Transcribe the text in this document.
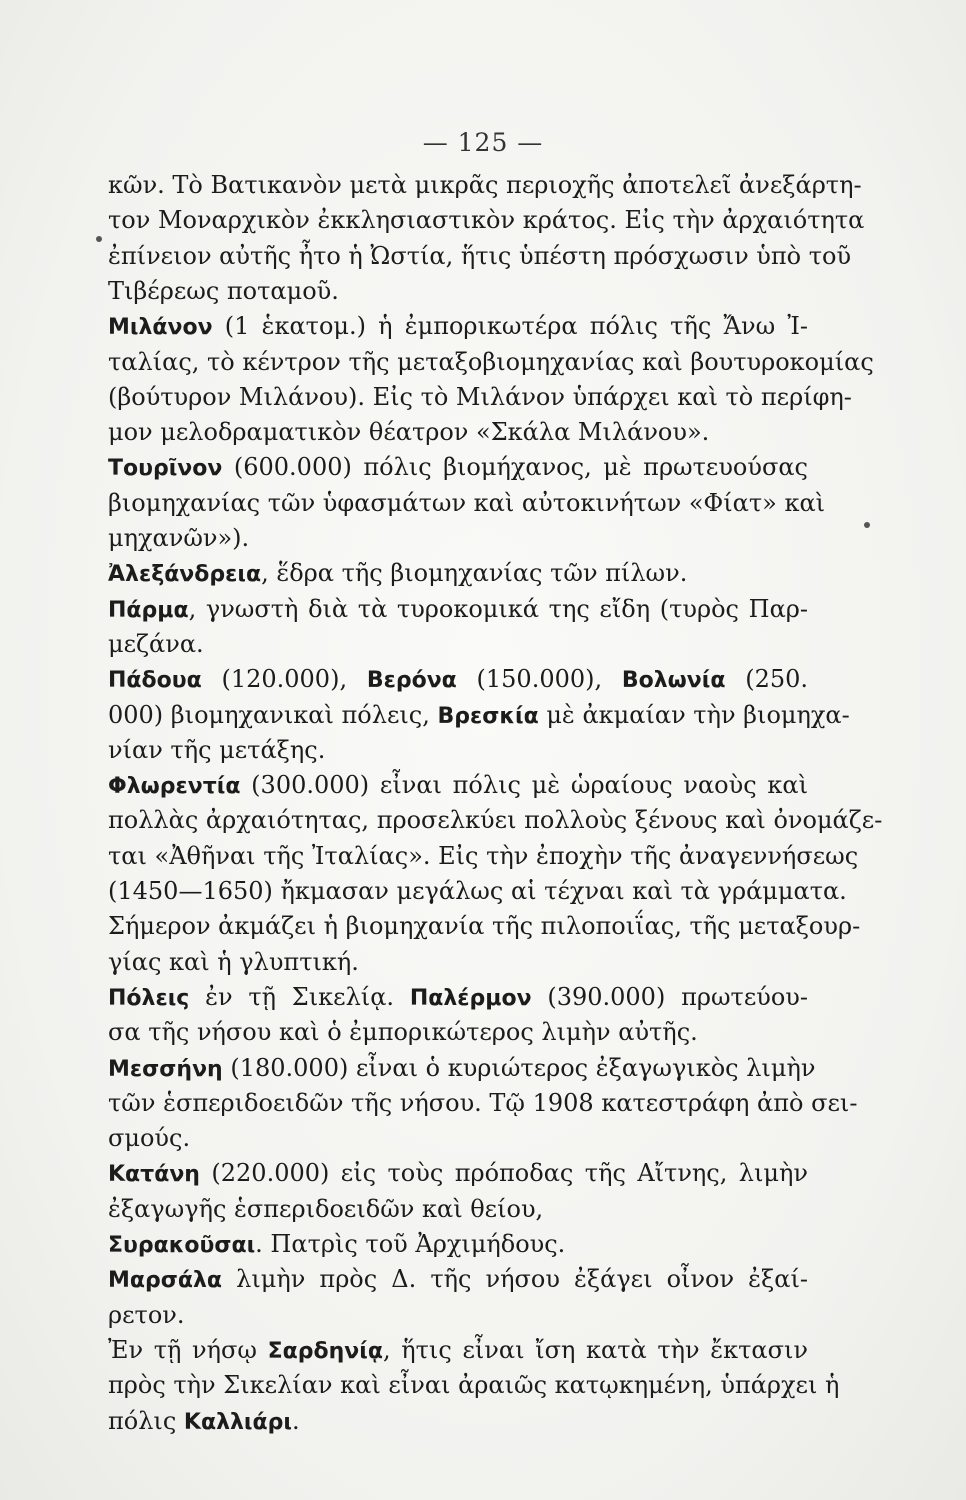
— 125 —
κῶν. Τὸ Βατικανὸν μετὰ μικρᾶς περιοχῆς ἀποτελεῖ ἀνεξάρτη-
τον Μοναρχικὸν ἐκκλησιαστικὸν κράτος. Εἰς τὴν ἀρχαιότητα
ἐπίνειον αὐτῆς ἦτο ἡ Ὠστία, ἥτις ὑπέστη πρόσχωσιν ὑπὸ τοῦ
Τιβέρεως ποταμοῦ.
Μιλάνον (1 ἑκατομ.) ἡ ἐμπορικωτέρα πόλις τῆς Ἄνω Ἰ-
ταλίας, τὸ κέντρον τῆς μεταξοβιομηχανίας καὶ βουτυροκομίας
(βούτυρον Μιλάνου). Εἰς τὸ Μιλάνον ὑπάρχει καὶ τὸ περίφη-
μον μελοδραματικὸν θέατρον «Σκάλα Μιλάνου».
Τουρῖνον (600.000) πόλις βιομήχανος, μὲ πρωτευούσας
βιομηχανίας τῶν ὑφασμάτων καὶ αὐτοκινήτων «Φίατ» καὶ
μηχανῶν»).
Ἀλεξάνδρεια, ἕδρα τῆς βιομηχανίας τῶν πίλων.
Πάρμα, γνωστὴ διὰ τὰ τυροκομικά της εἴδη (τυρὸς Παρ-
μεζάνα.
Πάδουα (120.000), Βερόνα (150.000), Βολωνία (250.
000) βιομηχανικαὶ πόλεις, Βρεσκία μὲ ἀκμαίαν τὴν βιομηχα-
νίαν τῆς μετάξης.
Φλωρεντία (300.000) εἶναι πόλις μὲ ὡραίους ναοὺς καὶ
πολλὰς ἀρχαιότητας, προσελκύει πολλοὺς ξένους καὶ ὀνομάζε-
ται «Ἀθῆναι τῆς Ἰταλίας». Εἰς τὴν ἐποχὴν τῆς ἀναγεννήσεως
(1450—1650) ἤκμασαν μεγάλως αἱ τέχναι καὶ τὰ γράμματα.
Σήμερον ἀκμάζει ἡ βιομηχανία τῆς πιλοποιΐας, τῆς μεταξουρ-
γίας καὶ ἡ γλυπτική.
Πόλεις ἐν τῇ Σικελίᾳ. Παλέρμον (390.000) πρωτεύου-
σα τῆς νήσου καὶ ὁ ἐμπορικώτερος λιμὴν αὐτῆς.
Μεσσήνη (180.000) εἶναι ὁ κυριώτερος ἐξαγωγικὸς λιμὴν
τῶν ἑσπεριδοειδῶν τῆς νήσου. Τῷ 1908 κατεστράφη ἀπὸ σει-
σμούς.
Κατάνη (220.000) εἰς τοὺς πρόποδας τῆς Αἴτνης, λιμὴν
ἐξαγωγῆς ἑσπεριδοειδῶν καὶ θείου,
Συρακοῦσαι. Πατρὶς τοῦ Ἀρχιμήδους.
Μαρσάλα λιμὴν πρὸς Δ. τῆς νήσου ἐξάγει οἶνον ἐξαί-
ρετον.
Ἐν τῇ νήσῳ Σαρδηνίᾳ, ἥτις εἶναι ἴση κατὰ τὴν ἔκτασιν
πρὸς τὴν Σικελίαν καὶ εἶναι ἀραιῶς κατῳκημένη, ὑπάρχει ἡ
πόλις Καλλιάρι.
